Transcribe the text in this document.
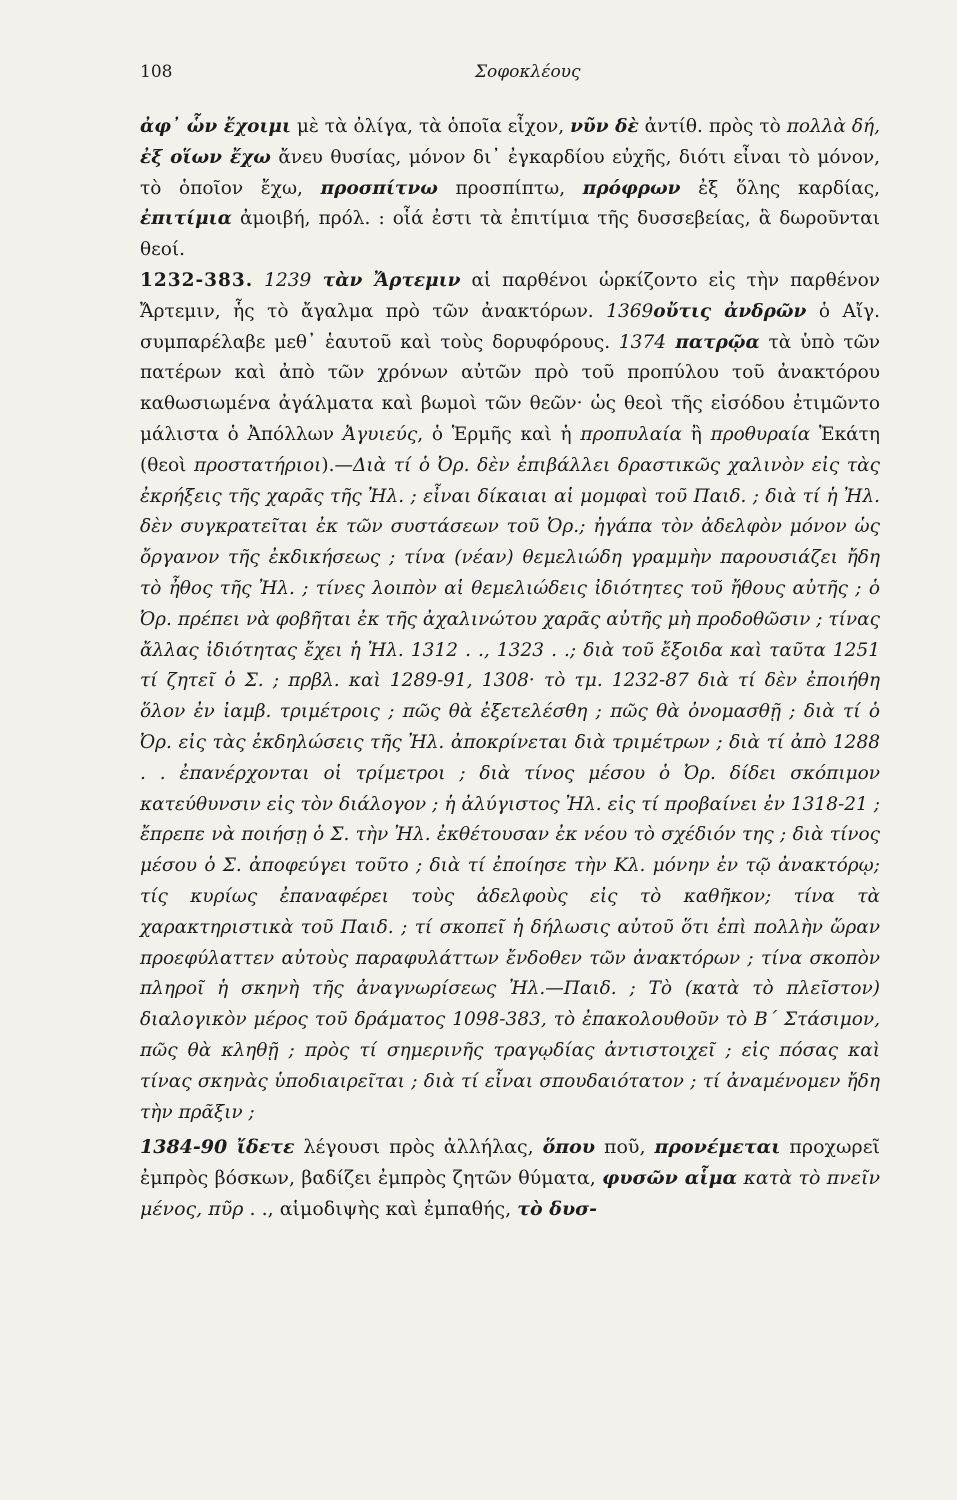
108	Σοφοκλέους

ἀφ᾽ ὧν ἔχοιμι μὲ τὰ ὀλίγα, τὰ ὁποῖα εἶχον, νῦν δὲ ἀντίθ. πρὸς τὸ πολλὰ δή, ἐξ οἵων ἔχω ἄνευ θυσίας, μόνον δι᾽ ἐγκαρδίου εὐχῆς, διότι εἶναι τὸ μόνον, τὸ ὁποῖον ἔχω, προσπίτνω προσπίπτω, πρόφρων ἐξ ὅλης καρδίας, ἐπιτίμια ἀμοιβή, πρόλ. : οἷά ἐστι τὰ ἐπιτίμια τῆς δυσσεβείας, ἃ δωροῦνται θεοί.

1232-383. 1239 τὰν Ἄρτεμιν αἱ παρθένοι ὡρκίζοντο εἰς τὴν παρθένον Ἄρτεμιν, ἧς τὸ ἄγαλμα πρὸ τῶν ἀνακτόρων. 1369οὔτις ἀνδρῶν ὁ Αἴγ. συμπαρέλαβε μεθ᾽ ἑαυτοῦ καὶ τοὺς δορυφόρους. 1374 πατρῷα τὰ ὑπὸ τῶν πατέρων καὶ ἀπὸ τῶν χρόνων αὐτῶν πρὸ τοῦ προπύλου τοῦ ἀνακτόρου καθωσιωμένα ἀγάλματα καὶ βωμοὶ τῶν θεῶν· ὡς θεοὶ τῆς εἰσόδου ἐτιμῶντο μάλιστα ὁ Ἀπόλλων Ἀγυιεύς, ὁ Ἑρμῆς καὶ ἡ προπυλαία ἢ προθυραία Ἑκάτη (θεοὶ προστατήριοι).—Διὰ τί ὁ Ὀρ. δὲν ἐπιβάλλει δραστικῶς χαλινὸν εἰς τὰς ἐκρήξεις τῆς χαρᾶς τῆς Ἠλ. ; εἶναι δίκαιαι αἱ μομφαὶ τοῦ Παιδ. ; διὰ τί ἡ Ἠλ. δὲν συγκρατεῖται ἐκ τῶν συστάσεων τοῦ Ὀρ.; ἠγάπα τὸν ἀδελφὸν μόνον ὡς ὄργανον τῆς ἐκδικήσεως ; τίνα (νέαν) θεμελιώδη γραμμὴν παρουσιάζει ἤδη τὸ ἦθος τῆς Ἠλ. ; τίνες λοιπὸν αἱ θεμελιώδεις ἰδιότητες τοῦ ἤθους αὐτῆς ; ὁ Ὀρ. πρέπει νὰ φοβῆται ἐκ τῆς ἀχαλινώτου χαρᾶς αὐτῆς μὴ προδοθῶσιν ; τίνας ἄλλας ἰδιότητας ἔχει ἡ Ἠλ. 1312 . ., 1323 . .; διὰ τοῦ ἔξοιδα καὶ ταῦτα 1251 τί ζητεῖ ὁ Σ. ; πρβλ. καὶ 1289-91, 1308· τὸ τμ. 1232-87 διὰ τί δὲν ἐποιήθη ὅλον ἐν ἰαμβ. τριμέτροις ; πῶς θὰ ἐξετελέσθη ; πῶς θὰ ὀνομασθῇ ; διὰ τί ὁ Ὀρ. εἰς τὰς ἐκδηλώσεις τῆς Ἠλ. ἀποκρίνεται διὰ τριμέτρων ; διὰ τί ἀπὸ 1288 . . ἐπανέρχονται οἱ τρίμετροι ; διὰ τίνος μέσου ὁ Ὀρ. δίδει σκόπιμον κατεύθυνσιν εἰς τὸν διάλογον ; ἡ ἀλύγιστος Ἠλ. εἰς τί προβαίνει ἐν 1318-21 ; ἔπρεπε νὰ ποιήσῃ ὁ Σ. τὴν Ἠλ. ἐκθέτουσαν ἐκ νέου τὸ σχέδιόν της ; διὰ τίνος μέσου ὁ Σ. ἀποφεύγει τοῦτο ; διὰ τί ἐποίησε τὴν Κλ. μόνην ἐν τῷ ἀνακτόρῳ; τίς κυρίως ἐπαναφέρει τοὺς ἀδελφοὺς εἰς τὸ καθῆκον; τίνα τὰ χαρακτηριστικὰ τοῦ Παιδ. ; τί σκοπεῖ ἡ δήλωσις αὐτοῦ ὅτι ἐπὶ πολλὴν ὥραν προεφύλαττεν αὐτοὺς παραφυλάττων ἔνδοθεν τῶν ἀνακτόρων ; τίνα σκοπὸν πληροῖ ἡ σκηνὴ τῆς ἀναγνωρίσεως Ἠλ.—Παιδ. ; Τὸ (κατὰ τὸ πλεῖστον) διαλογικὸν μέρος τοῦ δράματος 1098-383, τὸ ἐπακολουθοῦν τὸ Β΄ Στάσιμον, πῶς θὰ κληθῇ ; πρὸς τί σημερινῆς τραγῳδίας ἀντιστοιχεῖ ; εἰς πόσας καὶ τίνας σκηνὰς ὑποδιαιρεῖται ; διὰ τί εἶναι σπουδαιότατον ; τί ἀναμένομεν ἤδη τὴν πρᾶξιν ;

1384-90 ἴδετε λέγουσι πρὸς ἀλλήλας, ὅπου ποῦ, προνέμεται προχωρεῖ ἐμπρὸς βόσκων, βαδίζει ἐμπρὸς ζητῶν θύματα, φυσῶν αἷμα κατὰ τὸ πνεῖν μένος, πῦρ . ., αἱμοδιψὴς καὶ ἐμπαθής, τὸ δυσ-
